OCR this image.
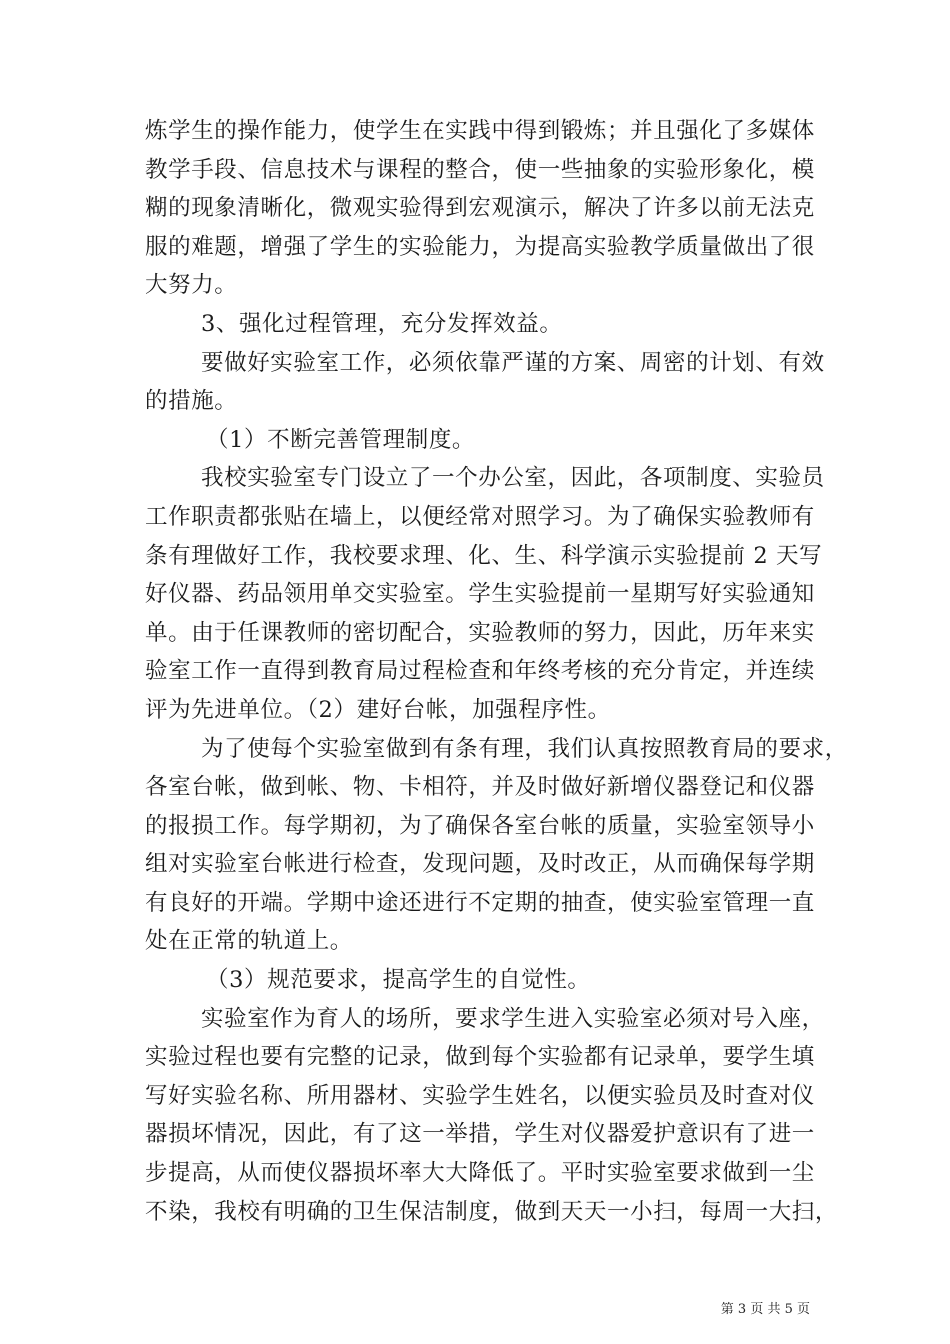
炼学生的操作能力，使学生在实践中得到锻炼；并且强化了多媒体
教学手段、信息技术与课程的整合，使一些抽象的实验形象化，模
糊的现象清晰化，微观实验得到宏观演示，解决了许多以前无法克
服的难题，增强了学生的实验能力，为提高实验教学质量做出了很
大努力。
3、强化过程管理，充分发挥效益。
要做好实验室工作，必须依靠严谨的方案、周密的计划、有效
的措施。
（1）不断完善管理制度。
我校实验室专门设立了一个办公室，因此，各项制度、实验员
工作职责都张贴在墙上，以便经常对照学习。为了确保实验教师有
条有理做好工作，我校要求理、化、生、科学演示实验提前 2 天写
好仪器、药品领用单交实验室。学生实验提前一星期写好实验通知
单。由于任课教师的密切配合，实验教师的努力，因此，历年来实
验室工作一直得到教育局过程检查和年终考核的充分肯定，并连续
评为先进单位。（2）建好台帐，加强程序性。
为了使每个实验室做到有条有理，我们认真按照教育局的要求，
各室台帐，做到帐、物、卡相符，并及时做好新增仪器登记和仪器
的报损工作。每学期初，为了确保各室台帐的质量，实验室领导小
组对实验室台帐进行检查，发现问题，及时改正，从而确保每学期
有良好的开端。学期中途还进行不定期的抽查，使实验室管理一直
处在正常的轨道上。
（3）规范要求，提高学生的自觉性。
实验室作为育人的场所，要求学生进入实验室必须对号入座，
实验过程也要有完整的记录，做到每个实验都有记录单，要学生填
写好实验名称、所用器材、实验学生姓名，以便实验员及时查对仪
器损坏情况，因此，有了这一举措，学生对仪器爱护意识有了进一
步提高，从而使仪器损坏率大大降低了。平时实验室要求做到一尘
不染，我校有明确的卫生保洁制度，做到天天一小扫，每周一大扫，
第 3 页 共 5 页
